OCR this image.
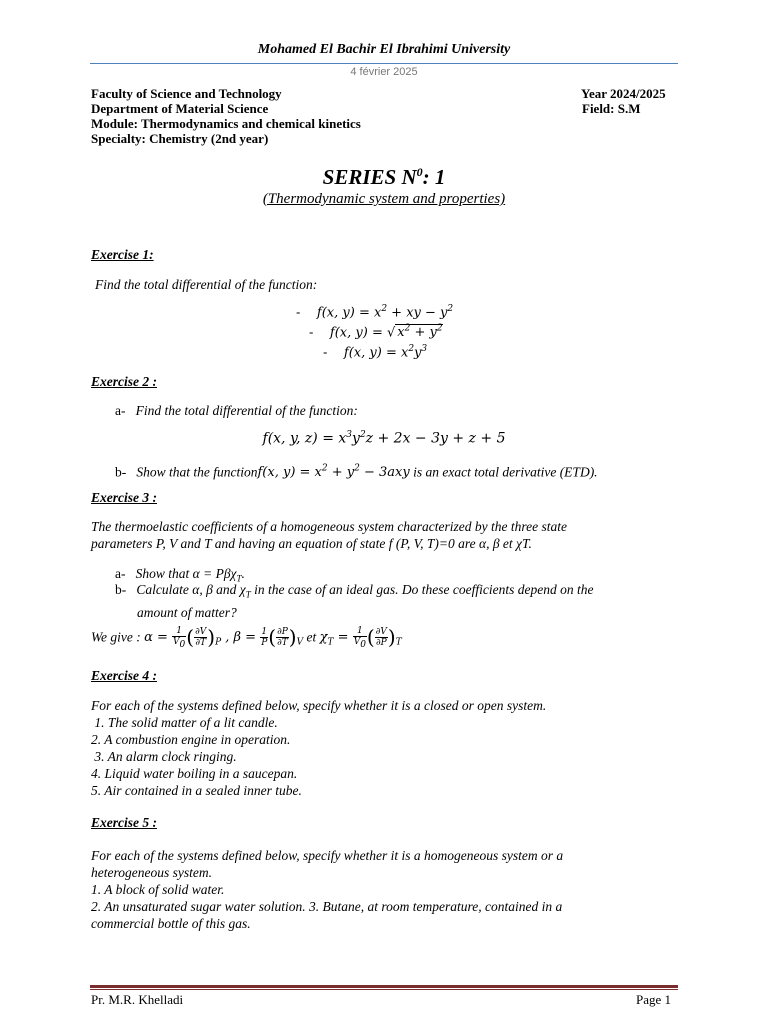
Mohamed El Bachir El Ibrahimi University
4 février 2025
Faculty of Science and Technology
Department of Material Science
Module: Thermodynamics and chemical kinetics
Specialty: Chemistry (2nd year)
Year 2024/2025
Field: S.M
SERIES $N^0$: 1
(Thermodynamic system and properties)
Exercise 1:
Find the total differential of the function:
-    f(x, $y) = x^2$ + xy − $y^2$
-    f(x, y) = √ $x^2 + y^2$
-    f(x, $y) = x^2y^3$
Exercise 2 :
a- Find the total differential of the function:
f(x, y, $z) = x^3y^2z + 2x - 3y + z + 5$
b- Show that the functionf(x, $y) = x^2 + y^2 - 3axy$ is an exact total derivative (ETD).
Exercise 3 :
The thermoelastic coefficients of a homogeneous system characterized by the three state
parameters P, V and T and having an equation of state f (P, V, T)=0 are α, β et χT.
a- Show that α = Pβχ$_T$.
b- Calculate α, β and $\chi_T$ in the case of an ideal gas. Do these coefficients depend on the
amount of matter?
We give : $\alpha = \frac{1}{V_0}$ ( $\frac{\partial V}{\partial T} )_P$ , $\beta = \frac{1}{P}$ ( $\frac{\partial P}{\partial T} )_V$ et $\chi_T = \frac{1}{V_0}$ ( $\frac{\partial V}{\partial P} )_T$
Exercise 4 :
For each of the systems defined below, specify whether it is a closed or open system.
1. The solid matter of a lit candle.
2. A combustion engine in operation.
3. An alarm clock ringing.
4. Liquid water boiling in a saucepan.
5. Air contained in a sealed inner tube.
Exercise 5 :
For each of the systems defined below, specify whether it is a homogeneous system or a
heterogeneous system.
1. A block of solid water.
2. An unsaturated sugar water solution. 3. Butane, at room temperature, contained in a
commercial bottle of this gas.
Pr. M.R. Khelladi	Page 1
